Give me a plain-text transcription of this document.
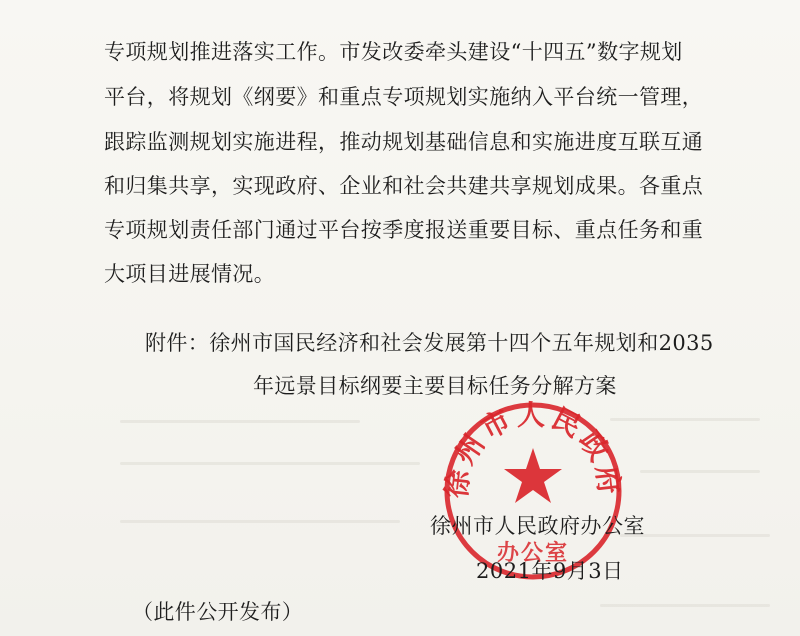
专项规划推进落实工作。市发改委牵头建设“十四五”数字规划
平台，将规划《纲要》和重点专项规划实施纳入平台统一管理，
跟踪监测规划实施进程，推动规划基础信息和实施进度互联互通
和归集共享，实现政府、企业和社会共建共享规划成果。各重点
专项规划责任部门通过平台按季度报送重要目标、重点任务和重
大项目进展情况。
附件：徐州市国民经济和社会发展第十四个五年规划和2035
年远景目标纲要主要目标任务分解方案
徐州市人民政府
办公室
徐州市人民政府办公室
2021年9月3日
（此件公开发布）
